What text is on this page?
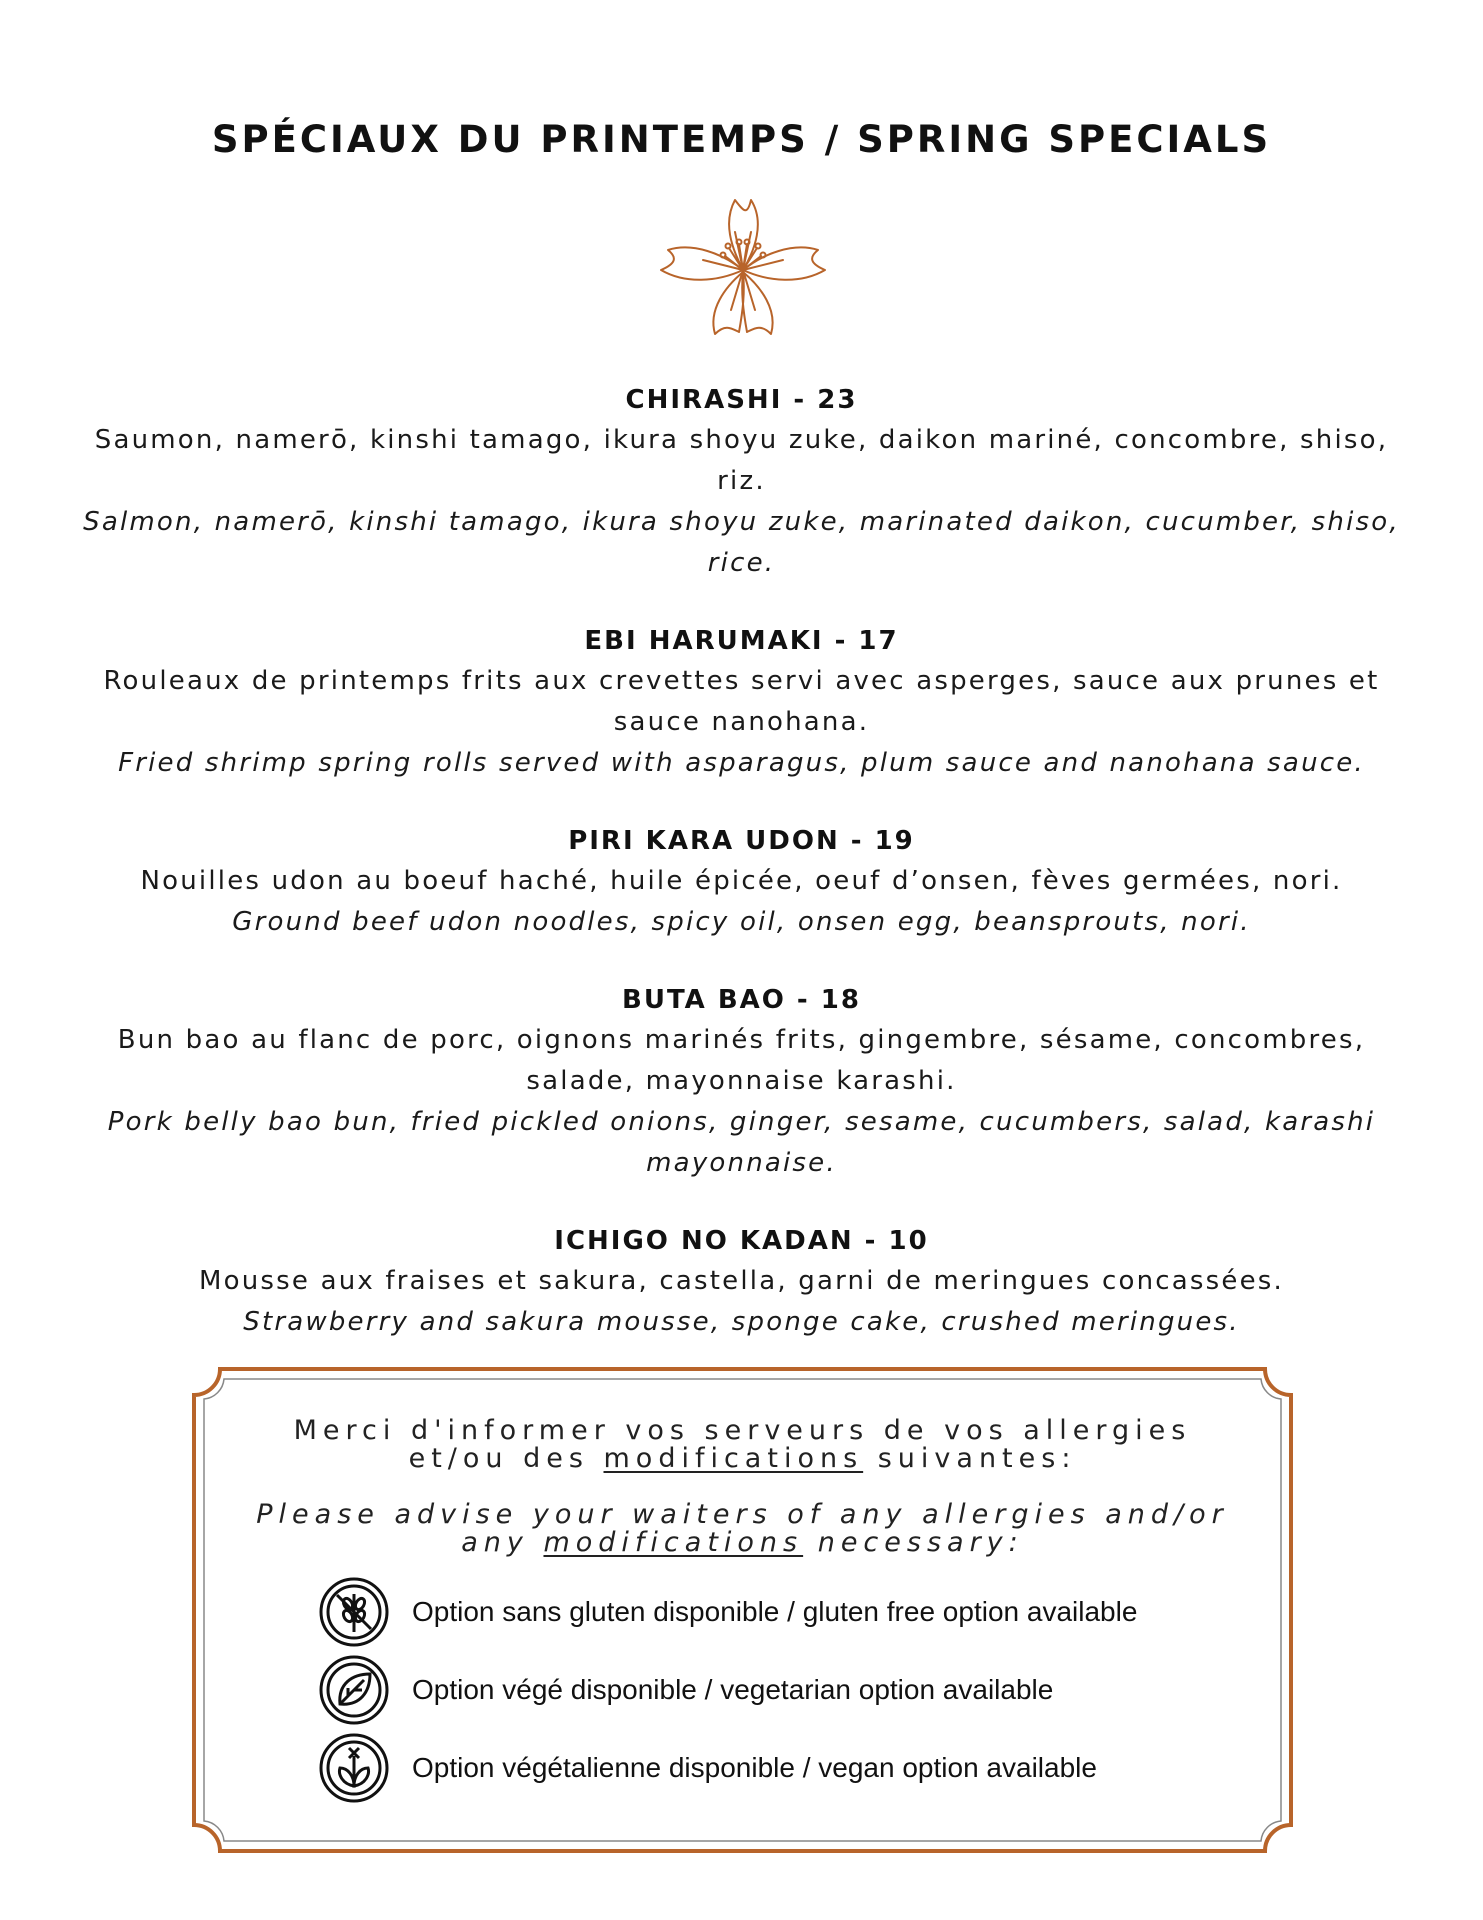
SPÉCIAUX DU PRINTEMPS / SPRING SPECIALS
CHIRASHI - 23
Saumon, namerō, kinshi tamago, ikura shoyu zuke, daikon mariné, concombre, shiso, riz.
Salmon, namerō, kinshi tamago, ikura shoyu zuke, marinated daikon, cucumber, shiso, rice.
EBI HARUMAKI - 17
Rouleaux de printemps frits aux crevettes servi avec asperges, sauce aux prunes et sauce nanohana.
Fried shrimp spring rolls served with asparagus, plum sauce and nanohana sauce.
PIRI KARA UDON - 19
Nouilles udon au boeuf haché, huile épicée, oeuf d’onsen, fèves germées, nori.
Ground beef udon noodles, spicy oil, onsen egg, beansprouts, nori.
BUTA BAO - 18
Bun bao au flanc de porc, oignons marinés frits, gingembre, sésame, concombres, salade, mayonnaise karashi.
Pork belly bao bun, fried pickled onions, ginger, sesame, cucumbers, salad, karashi mayonnaise.
ICHIGO NO KADAN - 10
Mousse aux fraises et sakura, castella, garni de meringues concassées.
Strawberry and sakura mousse, sponge cake, crushed meringues.
Merci d'informer vos serveurs de vos allergies et/ou des modifications suivantes:
Please advise your waiters of any allergies and/or any modifications necessary:
Option sans gluten disponible / gluten free option available
Option végé disponible / vegetarian option available
Option végétalienne disponible / vegan option available
